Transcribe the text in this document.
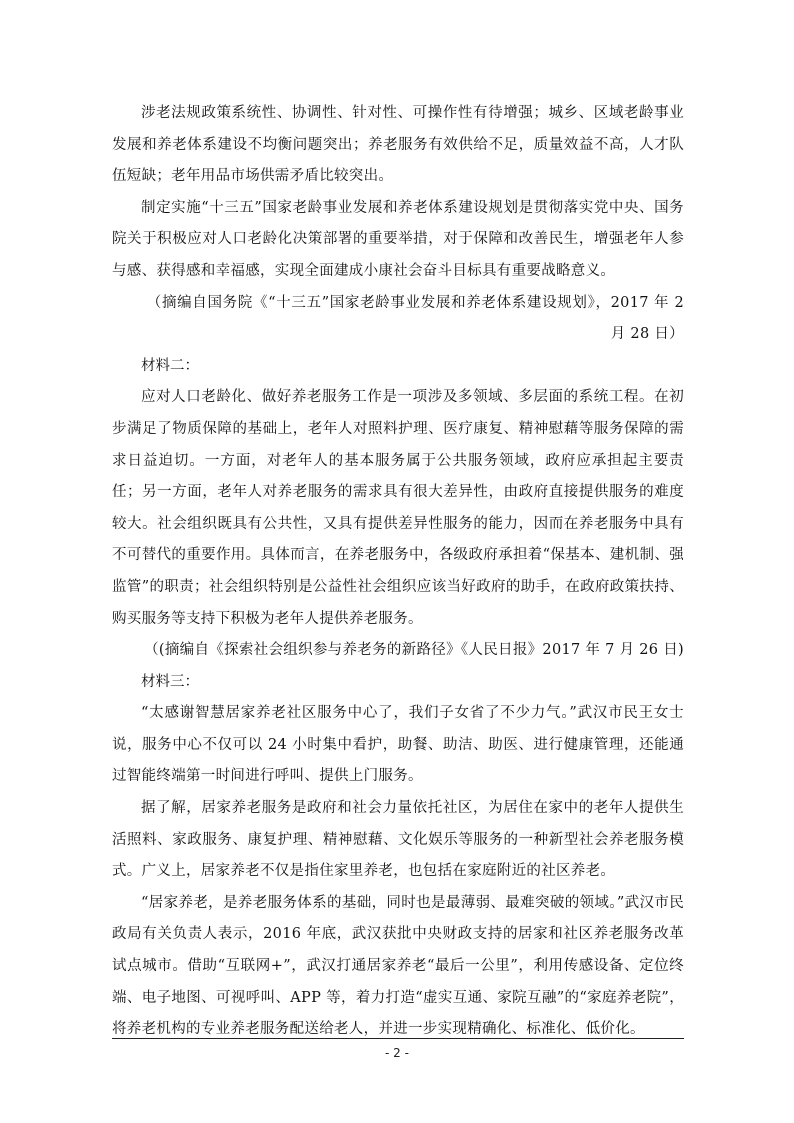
涉老法规政策系统性、协调性、针对性、可操作性有待增强；城乡、区域老龄事业发展和养老体系建设不均衡问题突出；养老服务有效供给不足，质量效益不高，人才队伍短缺；老年用品市场供需矛盾比较突出。

制定实施“十三五”国家老龄事业发展和养老体系建设规划是贯彻落实党中央、国务院关于积极应对人口老龄化决策部署的重要举措，对于保障和改善民生，增强老年人参与感、获得感和幸福感，实现全面建成小康社会奋斗目标具有重要战略意义。

（摘编自国务院《“十三五”国家老龄事业发展和养老体系建设规划》，2017 年 2 月 28 日）

材料二：

应对人口老龄化、做好养老服务工作是一项涉及多领域、多层面的系统工程。在初步满足了物质保障的基础上，老年人对照料护理、医疗康复、精神慰藉等服务保障的需求日益迫切。一方面，对老年人的基本服务属于公共服务领域，政府应承担起主要责任；另一方面，老年人对养老服务的需求具有很大差异性，由政府直接提供服务的难度较大。社会组织既具有公共性，又具有提供差异性服务的能力，因而在养老服务中具有不可替代的重要作用。具体而言，在养老服务中，各级政府承担着“保基本、建机制、强监管”的职责；社会组织特别是公益性社会组织应该当好政府的助手，在政府政策扶持、购买服务等支持下积极为老年人提供养老服务。

（(摘编自《探索社会组织参与养老务的新路径》《人民日报》2017 年 7 月 26 日)

材料三：

“太感谢智慧居家养老社区服务中心了，我们子女省了不少力气。”武汉市民王女士说，服务中心不仅可以 24 小时集中看护，助餐、助洁、助医、进行健康管理，还能通过智能终端第一时间进行呼叫、提供上门服务。

据了解，居家养老服务是政府和社会力量依托社区，为居住在家中的老年人提供生活照料、家政服务、康复护理、精神慰藉、文化娱乐等服务的一种新型社会养老服务模式。广义上，居家养老不仅是指住家里养老，也包括在家庭附近的社区养老。

“居家养老，是养老服务体系的基础，同时也是最薄弱、最难突破的领域。”武汉市民政局有关负责人表示，2016 年底，武汉获批中央财政支持的居家和社区养老服务改革试点城市。借助“互联网+”，武汉打通居家养老“最后一公里”，利用传感设备、定位终端、电子地图、可视呼叫、APP 等，着力打造“虚实互通、家院互融”的“家庭养老院”，将养老机构的专业养老服务配送给老人，并进一步实现精确化、标准化、低价化。

- 2 -
